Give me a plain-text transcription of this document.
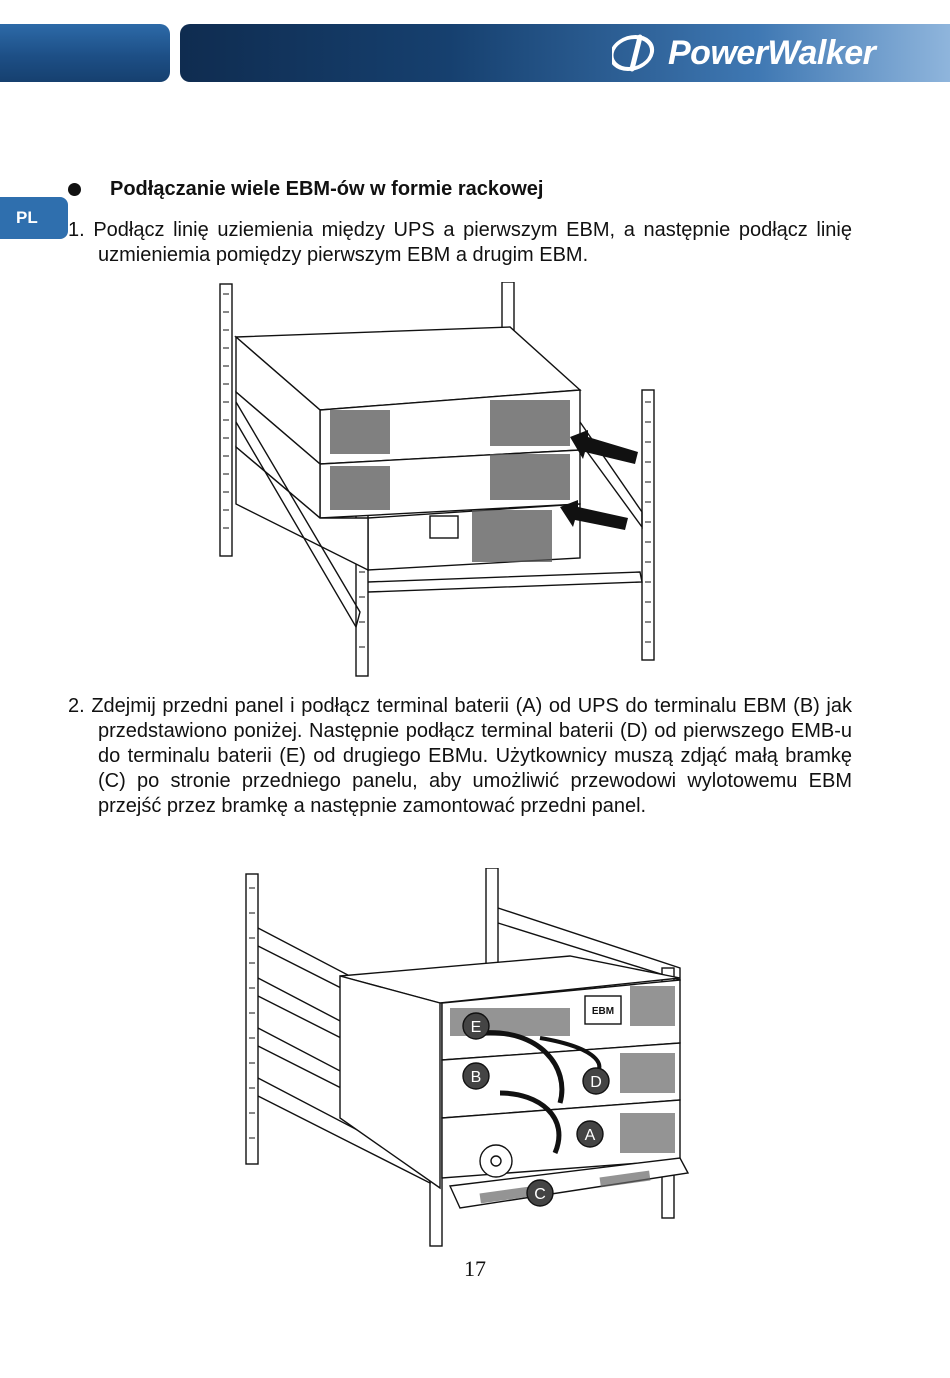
PowerWalker
PL
Podłączanie wiele EBM-ów w formie rackowej
1. Podłącz linię uziemienia między UPS a pierwszym EBM, a następnie podłącz linię uzmieniemia pomiędzy pierwszym EBM a drugim EBM.
2. Zdejmij przedni panel i podłącz terminal baterii (A) od UPS do terminalu EBM (B) jak przedstawiono poniżej. Następnie podłącz terminal baterii (D) od pierwszego EMB-u do terminalu baterii (E) od drugiego EBMu. Użytkownicy muszą zdjąć małą bramkę (C) po stronie przedniego panelu, aby umożliwić przewodowi wylotowemu EBM przejść przez bramkę a następnie zamontować przedni panel.
EBM
E
B	D
A
C
17
